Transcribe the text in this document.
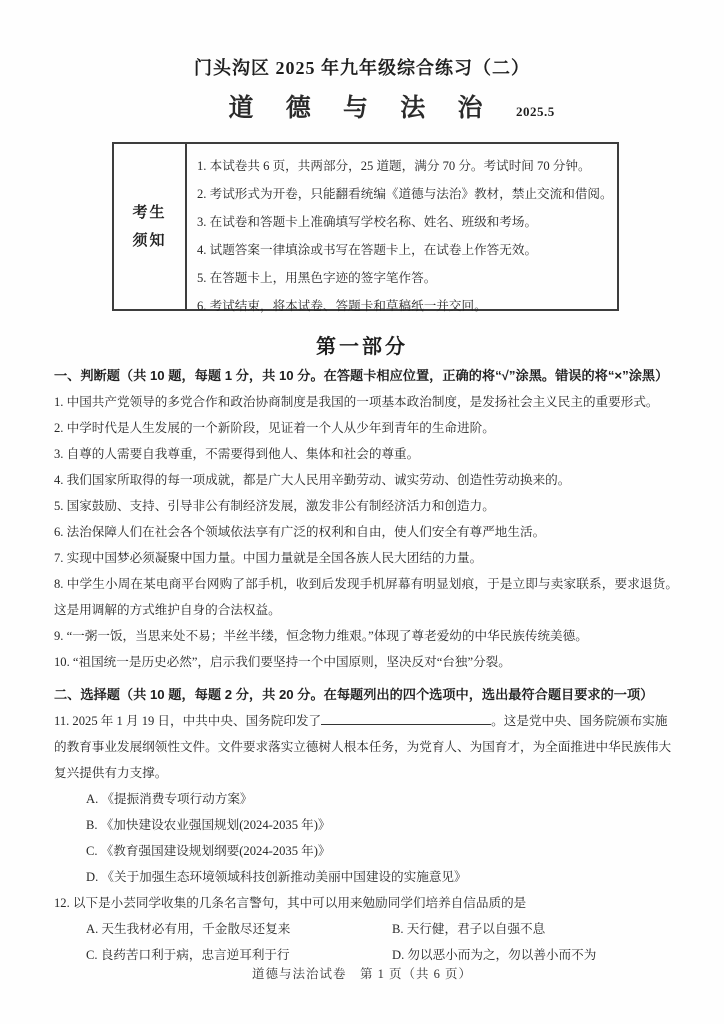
门头沟区 2025 年九年级综合练习（二）
道 德 与 法 治	2025.5
考生
须知
1. 本试卷共 6 页，共两部分，25 道题，满分 70 分。考试时间 70 分钟。
2. 考试形式为开卷，只能翻看统编《道德与法治》教材，禁止交流和借阅。
3. 在试卷和答题卡上准确填写学校名称、姓名、班级和考场。
4. 试题答案一律填涂或书写在答题卡上，在试卷上作答无效。
5. 在答题卡上，用黑色字迹的签字笔作答。
6. 考试结束，将本试卷、答题卡和草稿纸一并交回。
第一部分
一、判断题（共 10 题，每题 1 分，共 10 分。在答题卡相应位置，正确的将“√”涂黑。错误的将“×”涂黑）
1. 中国共产党领导的多党合作和政治协商制度是我国的一项基本政治制度，是发扬社会主义民主的重要形式。
2. 中学时代是人生发展的一个新阶段，见证着一个人从少年到青年的生命进阶。
3. 自尊的人需要自我尊重，不需要得到他人、集体和社会的尊重。
4. 我们国家所取得的每一项成就，都是广大人民用辛勤劳动、诚实劳动、创造性劳动换来的。
5. 国家鼓励、支持、引导非公有制经济发展，激发非公有制经济活力和创造力。
6. 法治保障人们在社会各个领域依法享有广泛的权利和自由，使人们安全有尊严地生活。
7. 实现中国梦必须凝聚中国力量。中国力量就是全国各族人民大团结的力量。
8. 中学生小周在某电商平台网购了部手机，收到后发现手机屏幕有明显划痕，于是立即与卖家联系，要求退货。这是用调解的方式维护自身的合法权益。
9. “一粥一饭，当思来处不易；半丝半缕，恒念物力维艰。”体现了尊老爱幼的中华民族传统美德。
10. “祖国统一是历史必然”，启示我们要坚持一个中国原则，坚决反对“台独”分裂。
二、选择题（共 10 题，每题 2 分，共 20 分。在每题列出的四个选项中，选出最符合题目要求的一项）
11. 2025 年 1 月 19 日，中共中央、国务院印发了	。这是党中央、国务院颁布实施
的教育事业发展纲领性文件。文件要求落实立德树人根本任务，为党育人、为国育才，为全面推进中华民族伟大
复兴提供有力支撑。
A. 《提振消费专项行动方案》
B. 《加快建设农业强国规划(2024-2035 年)》
C. 《教育强国建设规划纲要(2024-2035 年)》
D. 《关于加强生态环境领域科技创新推动美丽中国建设的实施意见》
12. 以下是小芸同学收集的几条名言警句，其中可以用来勉励同学们培养自信品质的是
A. 天生我材必有用，千金散尽还复来	B. 天行健，君子以自强不息
C. 良药苦口利于病，忠言逆耳利于行	D. 勿以恶小而为之，勿以善小而不为
道德与法治试卷　第 1 页（共 6 页）
